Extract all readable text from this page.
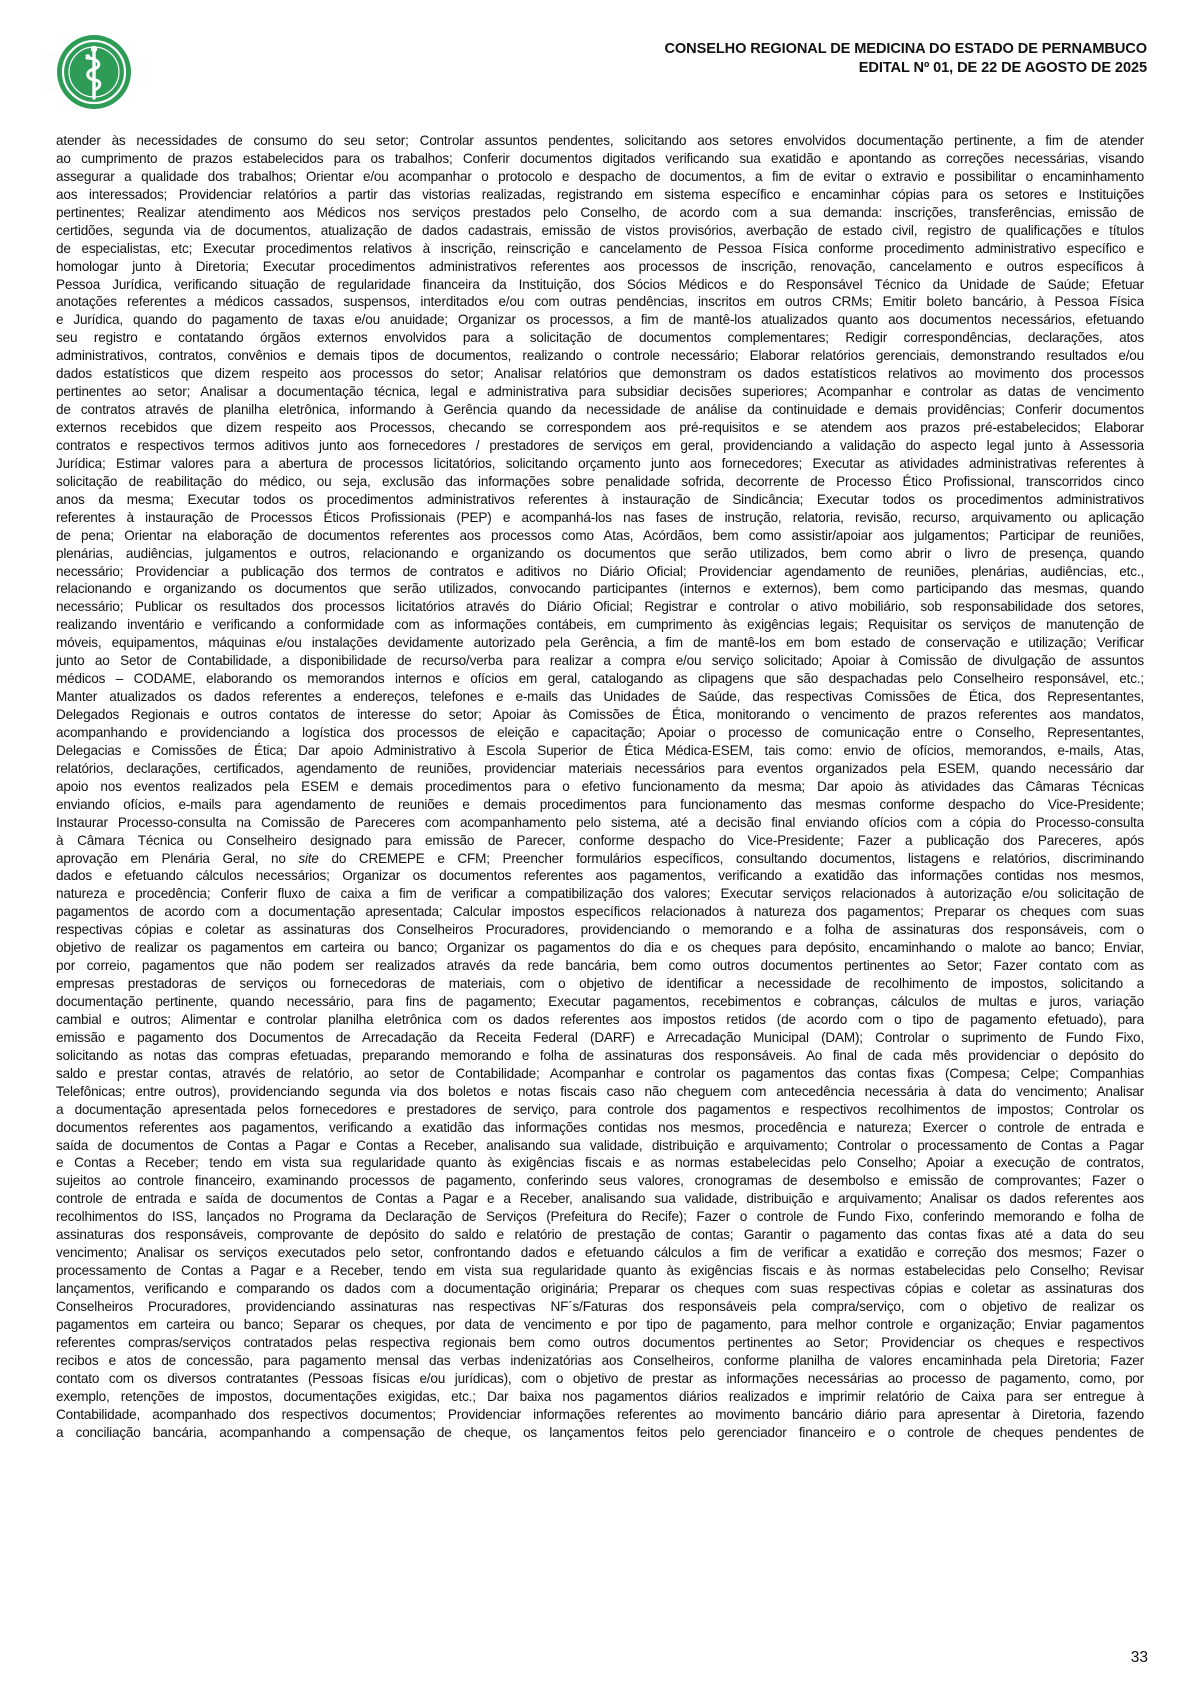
CONSELHO REGIONAL DE MEDICINA DO ESTADO DE PERNAMBUCO
EDITAL Nº 01, DE 22 DE AGOSTO DE 2025
atender às necessidades de consumo do seu setor; Controlar assuntos pendentes, solicitando aos setores envolvidos documentação pertinente, a fim de atender
ao cumprimento de prazos estabelecidos para os trabalhos; Conferir documentos digitados verificando sua exatidão e apontando as correções necessárias, visando
assegurar a qualidade dos trabalhos; Orientar e/ou acompanhar o protocolo e despacho de documentos, a fim de evitar o extravio e possibilitar o encaminhamento
aos interessados; Providenciar relatórios a partir das vistorias realizadas, registrando em sistema específico e encaminhar cópias para os setores e Instituições
pertinentes; Realizar atendimento aos Médicos nos serviços prestados pelo Conselho, de acordo com a sua demanda: inscrições, transferências, emissão de
certidões, segunda via de documentos, atualização de dados cadastrais, emissão de vistos provisórios, averbação de estado civil, registro de qualificações e títulos
de especialistas, etc; Executar procedimentos relativos à inscrição, reinscrição e cancelamento de Pessoa Física conforme procedimento administrativo específico e
homologar junto à Diretoria; Executar procedimentos administrativos referentes aos processos de inscrição, renovação, cancelamento e outros específicos à
Pessoa Jurídica, verificando situação de regularidade financeira da Instituição, dos Sócios Médicos e do Responsável Técnico da Unidade de Saúde; Efetuar
anotações referentes a médicos cassados, suspensos, interditados e/ou com outras pendências, inscritos em outros CRMs; Emitir boleto bancário, à Pessoa Física
e Jurídica, quando do pagamento de taxas e/ou anuidade; Organizar os processos, a fim de mantê-los atualizados quanto aos documentos necessários, efetuando
seu registro e contatando órgãos externos envolvidos para a solicitação de documentos complementares; Redigir correspondências, declarações, atos
administrativos, contratos, convênios e demais tipos de documentos, realizando o controle necessário; Elaborar relatórios gerenciais, demonstrando resultados e/ou
dados estatísticos que dizem respeito aos processos do setor; Analisar relatórios que demonstram os dados estatísticos relativos ao movimento dos processos
pertinentes ao setor; Analisar a documentação técnica, legal e administrativa para subsidiar decisões superiores; Acompanhar e controlar as datas de vencimento
de contratos através de planilha eletrônica, informando à Gerência quando da necessidade de análise da continuidade e demais providências; Conferir documentos
externos recebidos que dizem respeito aos Processos, checando se correspondem aos pré-requisitos e se atendem aos prazos pré-estabelecidos; Elaborar
contratos e respectivos termos aditivos junto aos fornecedores / prestadores de serviços em geral, providenciando a validação do aspecto legal junto à Assessoria
Jurídica; Estimar valores para a abertura de processos licitatórios, solicitando orçamento junto aos fornecedores; Executar as atividades administrativas referentes à
solicitação de reabilitação do médico, ou seja, exclusão das informações sobre penalidade sofrida, decorrente de Processo Ético Profissional, transcorridos cinco
anos da mesma; Executar todos os procedimentos administrativos referentes à instauração de Sindicância; Executar todos os procedimentos administrativos
referentes à instauração de Processos Éticos Profissionais (PEP) e acompanhá-los nas fases de instrução, relatoria, revisão, recurso, arquivamento ou aplicação
de pena; Orientar na elaboração de documentos referentes aos processos como Atas, Acórdãos, bem como assistir/apoiar aos julgamentos; Participar de reuniões,
plenárias, audiências, julgamentos e outros, relacionando e organizando os documentos que serão utilizados, bem como abrir o livro de presença, quando
necessário; Providenciar a publicação dos termos de contratos e aditivos no Diário Oficial; Providenciar agendamento de reuniões, plenárias, audiências, etc.,
relacionando e organizando os documentos que serão utilizados, convocando participantes (internos e externos), bem como participando das mesmas, quando
necessário; Publicar os resultados dos processos licitatórios através do Diário Oficial; Registrar e controlar o ativo mobiliário, sob responsabilidade dos setores,
realizando inventário e verificando a conformidade com as informações contábeis, em cumprimento às exigências legais; Requisitar os serviços de manutenção de
móveis, equipamentos, máquinas e/ou instalações devidamente autorizado pela Gerência, a fim de mantê-los em bom estado de conservação e utilização; Verificar
junto ao Setor de Contabilidade, a disponibilidade de recurso/verba para realizar a compra e/ou serviço solicitado; Apoiar à Comissão de divulgação de assuntos
médicos – CODAME, elaborando os memorandos internos e ofícios em geral, catalogando as clipagens que são despachadas pelo Conselheiro responsável, etc.;
Manter atualizados os dados referentes a endereços, telefones e e-mails das Unidades de Saúde, das respectivas Comissões de Ética, dos Representantes,
Delegados Regionais e outros contatos de interesse do setor; Apoiar às Comissões de Ética, monitorando o vencimento de prazos referentes aos mandatos,
acompanhando e providenciando a logística dos processos de eleição e capacitação; Apoiar o processo de comunicação entre o Conselho, Representantes,
Delegacias e Comissões de Ética; Dar apoio Administrativo à Escola Superior de Ética Médica-ESEM, tais como: envio de ofícios, memorandos, e-mails, Atas,
relatórios, declarações, certificados, agendamento de reuniões, providenciar materiais necessários para eventos organizados pela ESEM, quando necessário dar
apoio nos eventos realizados pela ESEM e demais procedimentos para o efetivo funcionamento da mesma; Dar apoio às atividades das Câmaras Técnicas
enviando ofícios, e-mails para agendamento de reuniões e demais procedimentos para funcionamento das mesmas conforme despacho do Vice-Presidente;
Instaurar Processo-consulta na Comissão de Pareceres com acompanhamento pelo sistema, até a decisão final enviando ofícios com a cópia do Processo-consulta
à Câmara Técnica ou Conselheiro designado para emissão de Parecer, conforme despacho do Vice-Presidente; Fazer a publicação dos Pareceres, após
aprovação em Plenária Geral, no site do CREMEPE e CFM; Preencher formulários específicos, consultando documentos, listagens e relatórios, discriminando
dados e efetuando cálculos necessários; Organizar os documentos referentes aos pagamentos, verificando a exatidão das informações contidas nos mesmos,
natureza e procedência; Conferir fluxo de caixa a fim de verificar a compatibilização dos valores; Executar serviços relacionados à autorização e/ou solicitação de
pagamentos de acordo com a documentação apresentada; Calcular impostos específicos relacionados à natureza dos pagamentos; Preparar os cheques com suas
respectivas cópias e coletar as assinaturas dos Conselheiros Procuradores, providenciando o memorando e a folha de assinaturas dos responsáveis, com o
objetivo de realizar os pagamentos em carteira ou banco; Organizar os pagamentos do dia e os cheques para depósito, encaminhando o malote ao banco; Enviar,
por correio, pagamentos que não podem ser realizados através da rede bancária, bem como outros documentos pertinentes ao Setor; Fazer contato com as
empresas prestadoras de serviços ou fornecedoras de materiais, com o objetivo de identificar a necessidade de recolhimento de impostos, solicitando a
documentação pertinente, quando necessário, para fins de pagamento; Executar pagamentos, recebimentos e cobranças, cálculos de multas e juros, variação
cambial e outros; Alimentar e controlar planilha eletrônica com os dados referentes aos impostos retidos (de acordo com o tipo de pagamento efetuado), para
emissão e pagamento dos Documentos de Arrecadação da Receita Federal (DARF) e Arrecadação Municipal (DAM); Controlar o suprimento de Fundo Fixo,
solicitando as notas das compras efetuadas, preparando memorando e folha de assinaturas dos responsáveis. Ao final de cada mês providenciar o depósito do
saldo e prestar contas, através de relatório, ao setor de Contabilidade; Acompanhar e controlar os pagamentos das contas fixas (Compesa; Celpe; Companhias
Telefônicas; entre outros), providenciando segunda via dos boletos e notas fiscais caso não cheguem com antecedência necessária à data do vencimento; Analisar
a documentação apresentada pelos fornecedores e prestadores de serviço, para controle dos pagamentos e respectivos recolhimentos de impostos; Controlar os
documentos referentes aos pagamentos, verificando a exatidão das informações contidas nos mesmos, procedência e natureza; Exercer o controle de entrada e
saída de documentos de Contas a Pagar e Contas a Receber, analisando sua validade, distribuição e arquivamento; Controlar o processamento de Contas a Pagar
e Contas a Receber; tendo em vista sua regularidade quanto às exigências fiscais e as normas estabelecidas pelo Conselho; Apoiar a execução de contratos,
sujeitos ao controle financeiro, examinando processos de pagamento, conferindo seus valores, cronogramas de desembolso e emissão de comprovantes; Fazer o
controle de entrada e saída de documentos de Contas a Pagar e a Receber, analisando sua validade, distribuição e arquivamento; Analisar os dados referentes aos
recolhimentos do ISS, lançados no Programa da Declaração de Serviços (Prefeitura do Recife); Fazer o controle de Fundo Fixo, conferindo memorando e folha de
assinaturas dos responsáveis, comprovante de depósito do saldo e relatório de prestação de contas; Garantir o pagamento das contas fixas até a data do seu
vencimento; Analisar os serviços executados pelo setor, confrontando dados e efetuando cálculos a fim de verificar a exatidão e correção dos mesmos; Fazer o
processamento de Contas a Pagar e a Receber, tendo em vista sua regularidade quanto às exigências fiscais e às normas estabelecidas pelo Conselho; Revisar
lançamentos, verificando e comparando os dados com a documentação originária; Preparar os cheques com suas respectivas cópias e coletar as assinaturas dos
Conselheiros Procuradores, providenciando assinaturas nas respectivas NF´s/Faturas dos responsáveis pela compra/serviço, com o objetivo de realizar os
pagamentos em carteira ou banco; Separar os cheques, por data de vencimento e por tipo de pagamento, para melhor controle e organização; Enviar pagamentos
referentes compras/serviços contratados pelas respectiva regionais bem como outros documentos pertinentes ao Setor; Providenciar os cheques e respectivos
recibos e atos de concessão, para pagamento mensal das verbas indenizatórias aos Conselheiros, conforme planilha de valores encaminhada pela Diretoria; Fazer
contato com os diversos contratantes (Pessoas físicas e/ou jurídicas), com o objetivo de prestar as informações necessárias ao processo de pagamento, como, por
exemplo, retenções de impostos, documentações exigidas, etc.; Dar baixa nos pagamentos diários realizados e imprimir relatório de Caixa para ser entregue à
Contabilidade, acompanhado dos respectivos documentos; Providenciar informações referentes ao movimento bancário diário para apresentar à Diretoria, fazendo
a conciliação bancária, acompanhando a compensação de cheque, os lançamentos feitos pelo gerenciador financeiro e o controle de cheques pendentes de
33
